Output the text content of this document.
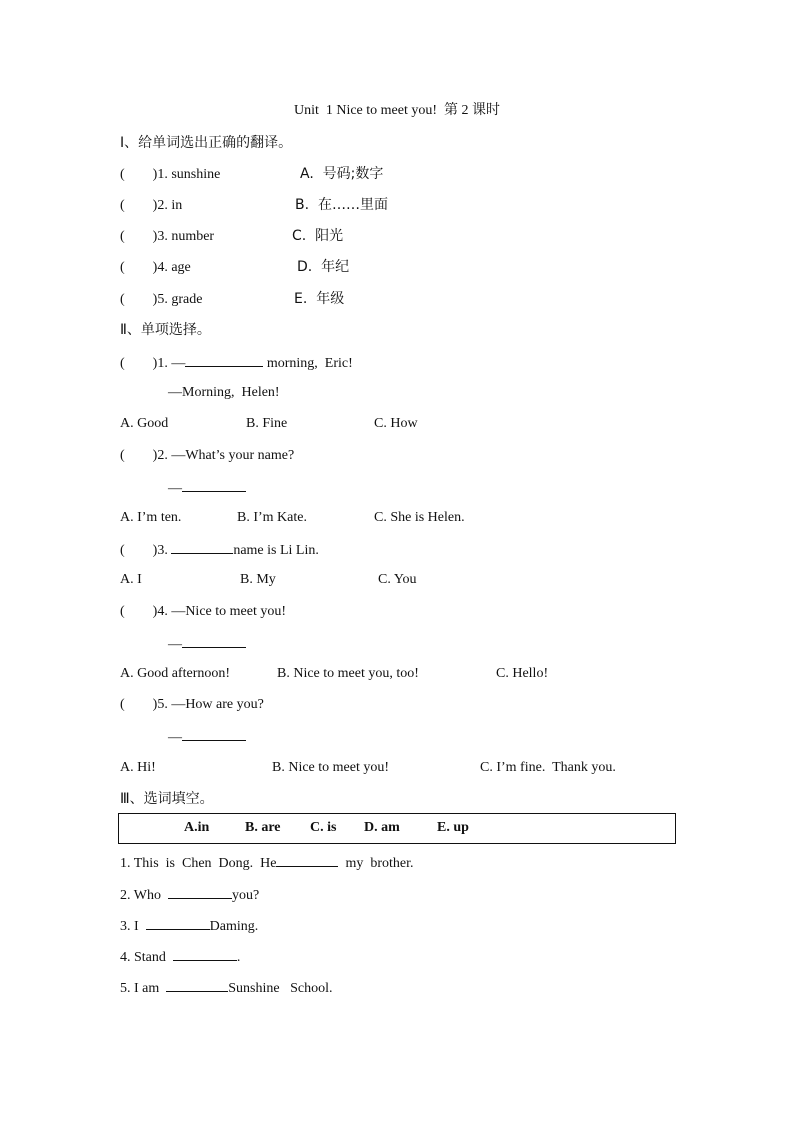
Unit  1 Nice to meet you!  第 2 课时
Ⅰ、给单词选出正确的翻译。
(        )1. sunshine	A.  号码;数字
(        )2. in	B.  在……里面
(        )3. number	C.  阳光
(        )4. age	D.  年纪
(        )5. grade	E.  年级
Ⅱ、单项选择。
(        )1. —	morning,  Eric!
—Morning,  Helen!
A. Good	B. Fine	C. How
(        )2. —What’s your name?
—
A. I’m ten.	B. I’m Kate.	C. She is Helen.
(        )3.	name is Li Lin.
A. I	B. My	C. You
(        )4. —Nice to meet you!
—
A. Good afternoon!	B. Nice to meet you, too!	C. Hello!
(        )5. —How are you?
—
A. Hi!	B. Nice to meet you!	C. I’m fine.  Thank you.
Ⅲ、选词填空。
A.in	B. are C. is D. am	E. up
1. This  is  Chen  Dong.  He	my  brother.
2. Who	you?
3. I	Daming.
4. Stand	.
5. I am	Sunshine   School.
